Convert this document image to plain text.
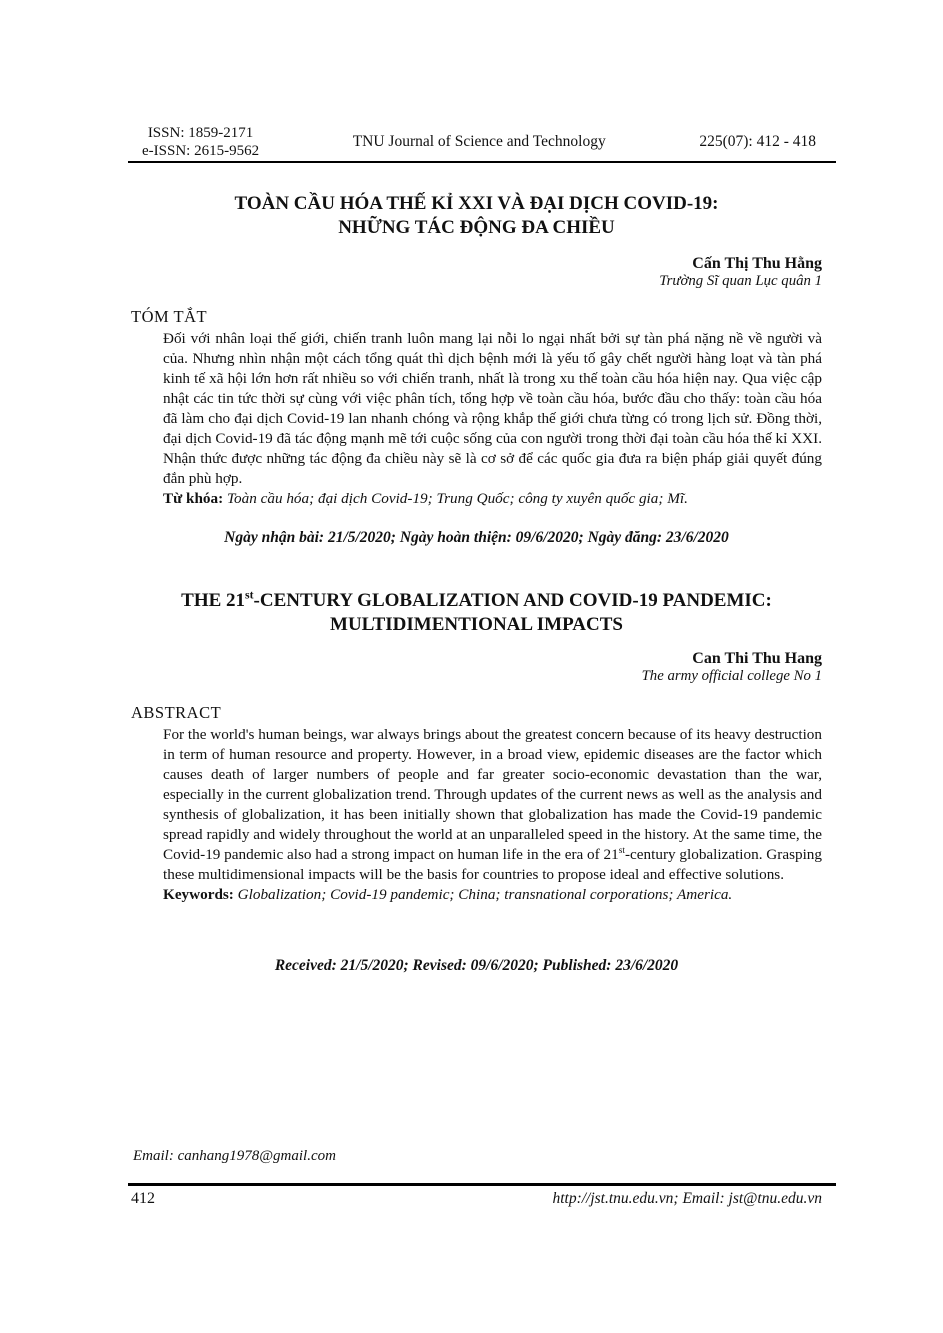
ISSN: 1859-2171
e-ISSN: 2615-9562
TNU Journal of Science and Technology	225(07): 412 - 418
TOÀN CẦU HÓA THẾ KỈ XXI VÀ ĐẠI DỊCH COVID-19:
NHỮNG TÁC ĐỘNG ĐA CHIỀU
Cấn Thị Thu Hằng
Trường Sĩ quan Lục quân 1
TÓM TẮT
Đối với nhân loại thế giới, chiến tranh luôn mang lại nỗi lo ngại nhất bởi sự tàn phá nặng nề về người và của. Nhưng nhìn nhận một cách tổng quát thì dịch bệnh mới là yếu tố gây chết người hàng loạt và tàn phá kinh tế xã hội lớn hơn rất nhiều so với chiến tranh, nhất là trong xu thế toàn cầu hóa hiện nay. Qua việc cập nhật các tin tức thời sự cùng với việc phân tích, tổng hợp về toàn cầu hóa, bước đầu cho thấy: toàn cầu hóa đã làm cho đại dịch Covid-19 lan nhanh chóng và rộng khắp thế giới chưa từng có trong lịch sử. Đồng thời, đại dịch Covid-19 đã tác động mạnh mẽ tới cuộc sống của con người trong thời đại toàn cầu hóa thế kỉ XXI. Nhận thức được những tác động đa chiều này sẽ là cơ sở để các quốc gia đưa ra biện pháp giải quyết đúng đắn phù hợp.
Từ khóa: Toàn cầu hóa; đại dịch Covid-19; Trung Quốc; công ty xuyên quốc gia; Mĩ.
Ngày nhận bài: 21/5/2020; Ngày hoàn thiện: 09/6/2020; Ngày đăng: 23/6/2020
THE 21st-CENTURY GLOBALIZATION AND COVID-19 PANDEMIC:
MULTIDIMENTIONAL IMPACTS
Can Thi Thu Hang
The army official college No 1
ABSTRACT
For the world's human beings, war always brings about the greatest concern because of its heavy destruction in term of human resource and property. However, in a broad view, epidemic diseases are the factor which causes death of larger numbers of people and far greater socio-economic devastation than the war, especially in the current globalization trend. Through updates of the current news as well as the analysis and synthesis of globalization, it has been initially shown that globalization has made the Covid-19 pandemic spread rapidly and widely throughout the world at an unparalleled speed in the history. At the same time, the Covid-19 pandemic also had a strong impact on human life in the era of 21st-century globalization. Grasping these multidimensional impacts will be the basis for countries to propose ideal and effective solutions.
Keywords: Globalization; Covid-19 pandemic; China; transnational corporations; America.
Received: 21/5/2020; Revised: 09/6/2020; Published: 23/6/2020
Email: canhang1978@gmail.com
412	http://jst.tnu.edu.vn; Email: jst@tnu.edu.vn
